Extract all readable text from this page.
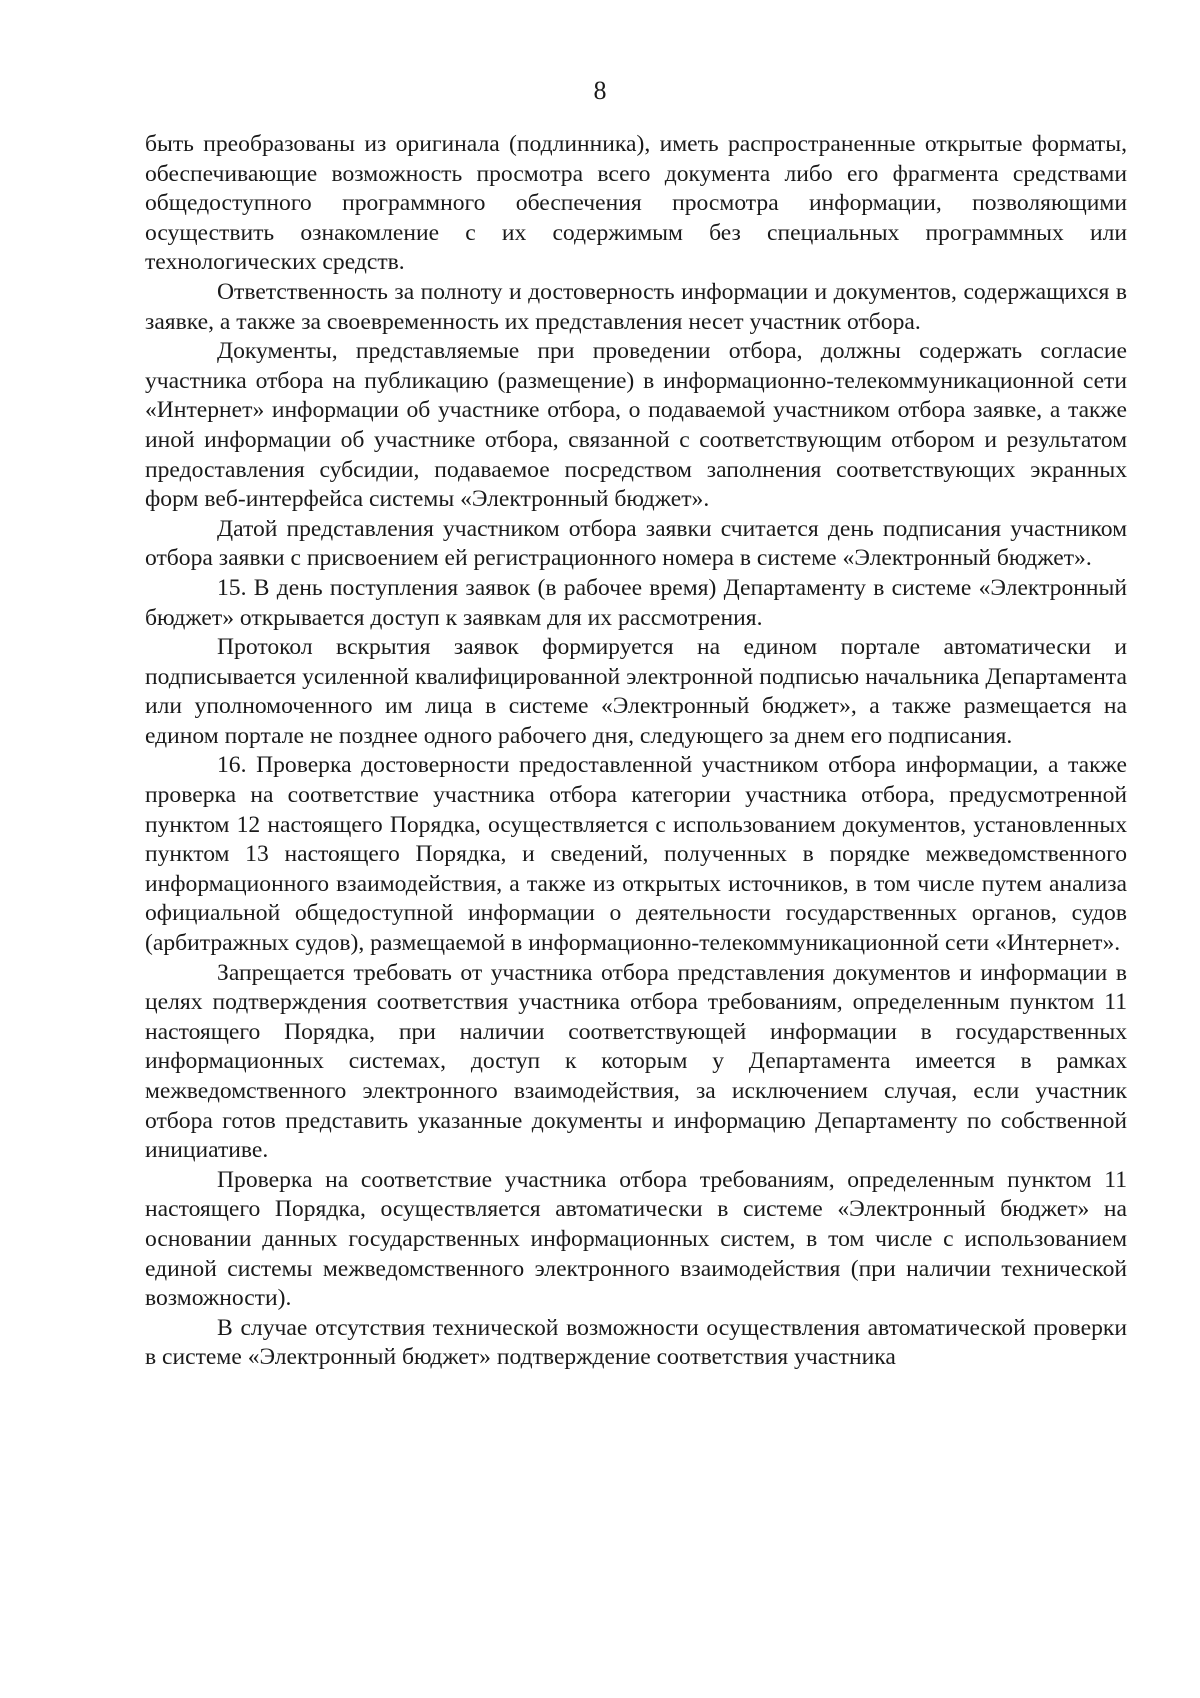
8

быть преобразованы из оригинала (подлинника), иметь распространенные открытые форматы, обеспечивающие возможность просмотра всего документа либо его фрагмента средствами общедоступного программного обеспечения просмотра информации, позволяющими осуществить ознакомление с их содержимым без специальных программных или технологических средств.

Ответственность за полноту и достоверность информации и документов, содержащихся в заявке, а также за своевременность их представления несет участник отбора.

Документы, представляемые при проведении отбора, должны содержать согласие участника отбора на публикацию (размещение) в информационно-телекоммуникационной сети «Интернет» информации об участнике отбора, о подаваемой участником отбора заявке, а также иной информации об участнике отбора, связанной с соответствующим отбором и результатом предоставления субсидии, подаваемое посредством заполнения соответствующих экранных форм веб-интерфейса системы «Электронный бюджет».

Датой представления участником отбора заявки считается день подписания участником отбора заявки с присвоением ей регистрационного номера в системе «Электронный бюджет».

15. В день поступления заявок (в рабочее время) Департаменту в системе «Электронный бюджет» открывается доступ к заявкам для их рассмотрения.

Протокол вскрытия заявок формируется на едином портале автоматически и подписывается усиленной квалифицированной электронной подписью начальника Департамента или уполномоченного им лица в системе «Электронный бюджет», а также размещается на едином портале не позднее одного рабочего дня, следующего за днем его подписания.

16. Проверка достоверности предоставленной участником отбора информации, а также проверка на соответствие участника отбора категории участника отбора, предусмотренной пунктом 12 настоящего Порядка, осуществляется с использованием документов, установленных пунктом 13 настоящего Порядка, и сведений, полученных в порядке межведомственного информационного взаимодействия, а также из открытых источников, в том числе путем анализа официальной общедоступной информации о деятельности государственных органов, судов (арбитражных судов), размещаемой в информационно-телекоммуникационной сети «Интернет».

Запрещается требовать от участника отбора представления документов и информации в целях подтверждения соответствия участника отбора требованиям, определенным пунктом 11 настоящего Порядка, при наличии соответствующей информации в государственных информационных системах, доступ к которым у Департамента имеется в рамках межведомственного электронного взаимодействия, за исключением случая, если участник отбора готов представить указанные документы и информацию Департаменту по собственной инициативе.

Проверка на соответствие участника отбора требованиям, определенным пунктом 11 настоящего Порядка, осуществляется автоматически в системе «Электронный бюджет» на основании данных государственных информационных систем, в том числе с использованием единой системы межведомственного электронного взаимодействия (при наличии технической возможности).

В случае отсутствия технической возможности осуществления автоматической проверки в системе «Электронный бюджет» подтверждение соответствия участника
